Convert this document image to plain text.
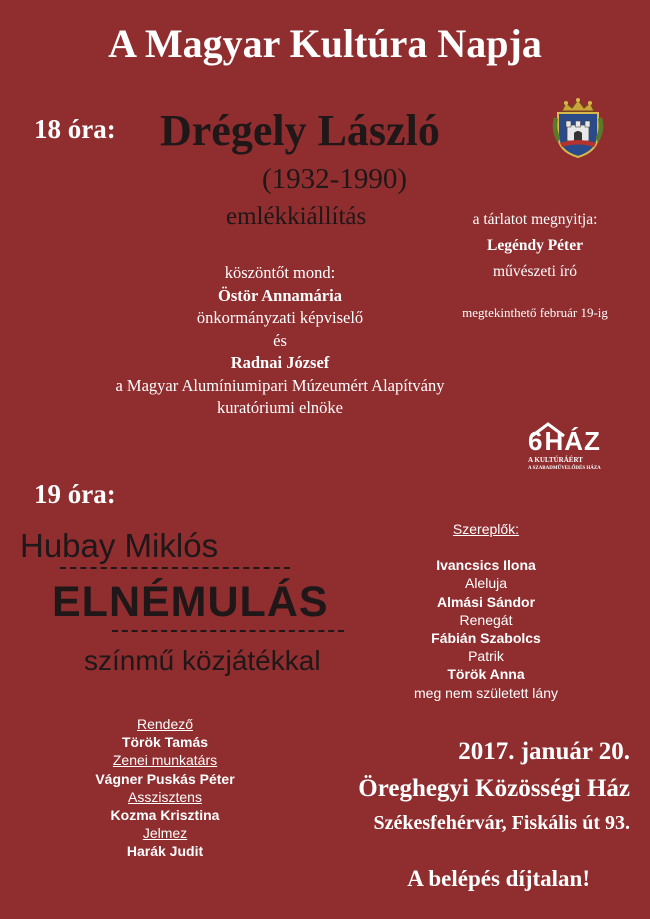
A Magyar Kultúra Napja
18 óra: Drégely László
(1932-1990)
emlékkiállítás	a tárlatot megnyitja:
Legéndy Péter
művészeti író
megtekinthető február 19-ig
köszöntőt mond:
Östör Annamária
önkormányzati képviselő
és
Radnai József
a Magyar Alumíniumipari Múzeumért Alapítvány
kuratóriumi elnöke
6HÁZ
A KULTÚRÁÉRT
A SZABADMŰVELŐDÉS HÁZA
19 óra:
Hubay Miklós
ELNÉMULÁS
színmű közjátékkal
Szereplők:
Ivancsics Ilona
Aleluja
Almási Sándor
Renegát
Fábián Szabolcs
Patrik
Török Anna
meg nem született lány
Rendező
Török Tamás
Zenei munkatárs
Vágner Puskás Péter
Asszisztens
Kozma Krisztina
Jelmez
Harák Judit
2017. január 20.
Öreghegyi Közösségi Ház
Székesfehérvár, Fiskális út 93.
A belépés díjtalan!
